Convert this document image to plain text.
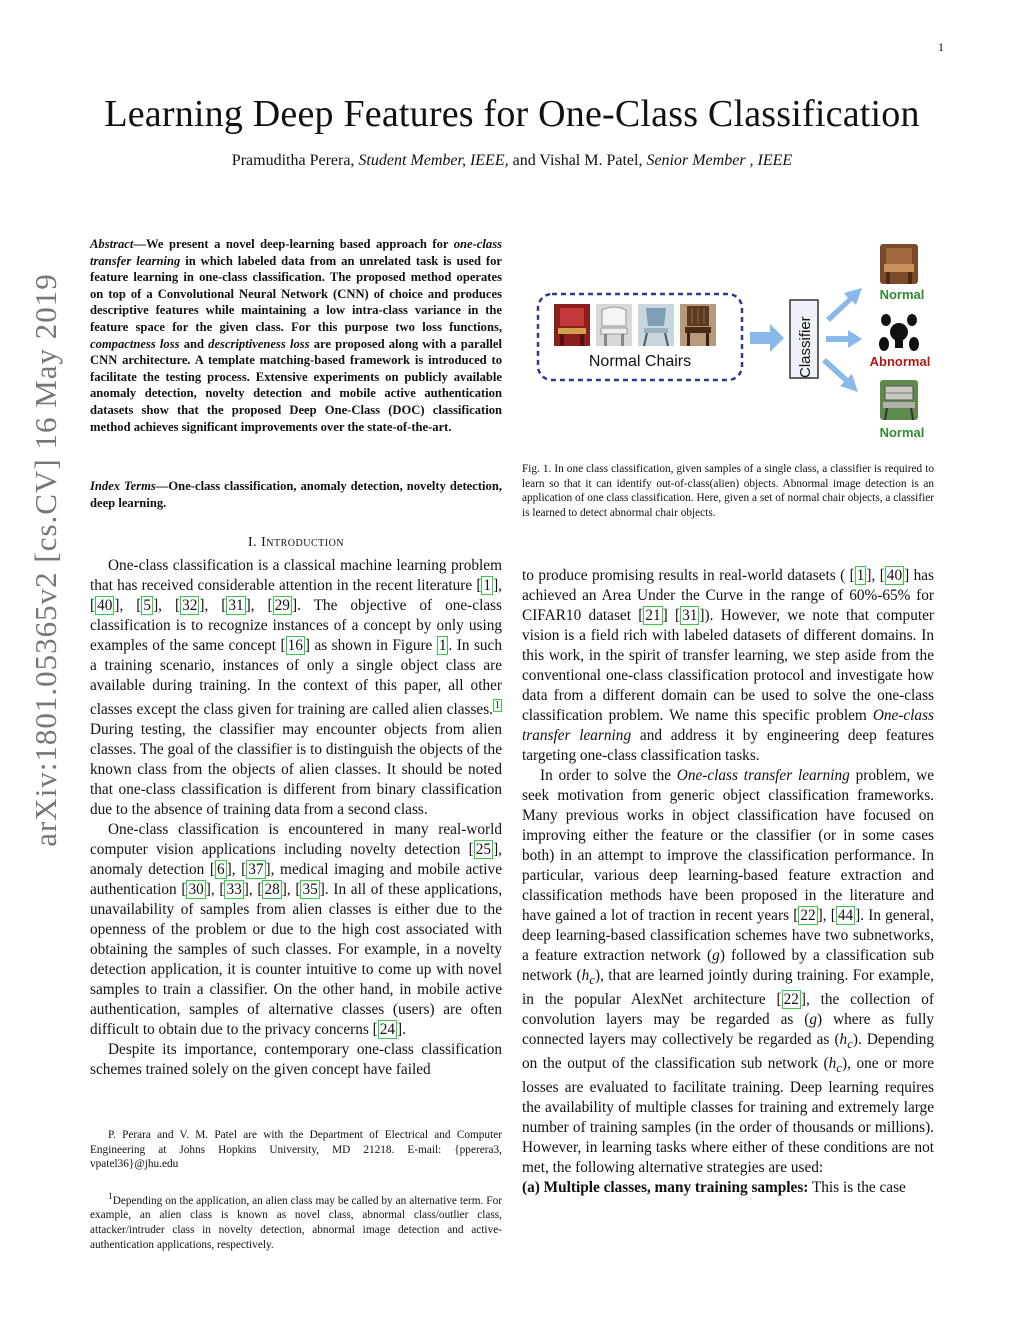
1
Learning Deep Features for One-Class Classification
Pramuditha Perera, Student Member, IEEE, and Vishal M. Patel, Senior Member , IEEE
arXiv:1801.05365v2 [cs.CV] 16 May 2019
Abstract—We present a novel deep-learning based approach for one-class transfer learning in which labeled data from an unrelated task is used for feature learning in one-class classification. The proposed method operates on top of a Convolutional Neural Network (CNN) of choice and produces descriptive features while maintaining a low intra-class variance in the feature space for the given class. For this purpose two loss functions, compactness loss and descriptiveness loss are proposed along with a parallel CNN architecture. A template matching-based framework is introduced to facilitate the testing process. Extensive experiments on publicly available anomaly detection, novelty detection and mobile active authentication datasets show that the proposed Deep One-Class (DOC) classification method achieves significant improvements over the state-of-the-art.
Index Terms—One-class classification, anomaly detection, novelty detection, deep learning.
I. Introduction

One-class classification is a classical machine learning problem that has received considerable attention in the recent literature [ 1 ], [ 40 ], [ 5 ], [ 32 ], [ 31 ], [ 29 ]. The objective of one-class classification is to recognize instances of a concept by only using examples of the same concept [ 16 ] as shown in Figure 1 . In such a training scenario, instances of only a single object class are available during training. In the context of this paper, all other classes except the class given for training are called alien classes. $^1$ During testing, the classifier may encounter objects from alien classes. The goal of the classifier is to distinguish the objects of the known class from the objects of alien classes. It should be noted that one-class classification is different from binary classification due to the absence of training data from a second class.

One-class classification is encountered in many real-world computer vision applications including novelty detection [ 25 ], anomaly detection [ 6 ], [ 37 ], medical imaging and mobile active authentication [ 30 ], [ 33 ], [ 28 ], [ 35 ]. In all of these applications, unavailability of samples from alien classes is either due to the openness of the problem or due to the high cost associated with obtaining the samples of such classes. For example, in a novelty detection application, it is counter intuitive to come up with novel samples to train a classifier. On the other hand, in mobile active authentication, samples of alternative classes (users) are often difficult to obtain due to the privacy concerns [ 24 ].

Despite its importance, contemporary one-class classification schemes trained solely on the given concept have failed

P. Perara and V. M. Patel are with the Department of Electrical and Computer Engineering at Johns Hopkins University, MD 21218. E-mail: {pperera3, vpatel36}@jhu.edu

$^1$Depending on the application, an alien class may be called by an alternative term. For example, an alien class is known as novel class, abnormal class/outlier class, attacker/intruder class in novelty detection, abnormal image detection and active-authentication applications, respectively.

Normal Chairs	Classifier
Normal
Abnormal
Normal
Fig. 1. In one class classification, given samples of a single class, a classifier is required to learn so that it can identify out-of-class(alien) objects. Abnormal image detection is an application of one class classification. Here, given a set of normal chair objects, a classifier is learned to detect abnormal chair objects.

to produce promising results in real-world datasets ( [ 1 ], [ 40 ] has achieved an Area Under the Curve in the range of 60%-65% for CIFAR10 dataset [ 21 ] [ 31 ]). However, we note that computer vision is a field rich with labeled datasets of different domains. In this work, in the spirit of transfer learning, we step aside from the conventional one-class classification protocol and investigate how data from a different domain can be used to solve the one-class classification problem. We name this specific problem One-class transfer learning and address it by engineering deep features targeting one-class classification tasks.

In order to solve the One-class transfer learning problem, we seek motivation from generic object classification frameworks. Many previous works in object classification have focused on improving either the feature or the classifier (or in some cases both) in an attempt to improve the classification performance. In particular, various deep learning-based feature extraction and classification methods have been proposed in the literature and have gained a lot of traction in recent years [ 22 ], [ 44 ]. In general, deep learning-based classification schemes have two subnetworks, a feature extraction network (g) followed by a classification sub network $(h_c)$, that are learned jointly during training. For example, in the popular AlexNet architecture [ 22 ], the collection of convolution layers may be regarded as (g) where as fully connected layers may collectively be regarded as $(h_c)$. Depending on the output of the classification sub network $(h_c)$, one or more losses are evaluated to facilitate training. Deep learning requires the availability of multiple classes for training and extremely large number of training samples (in the order of thousands or millions). However, in learning tasks where either of these conditions are not met, the following alternative strategies are used:

(a) Multiple classes, many training samples: This is the case
